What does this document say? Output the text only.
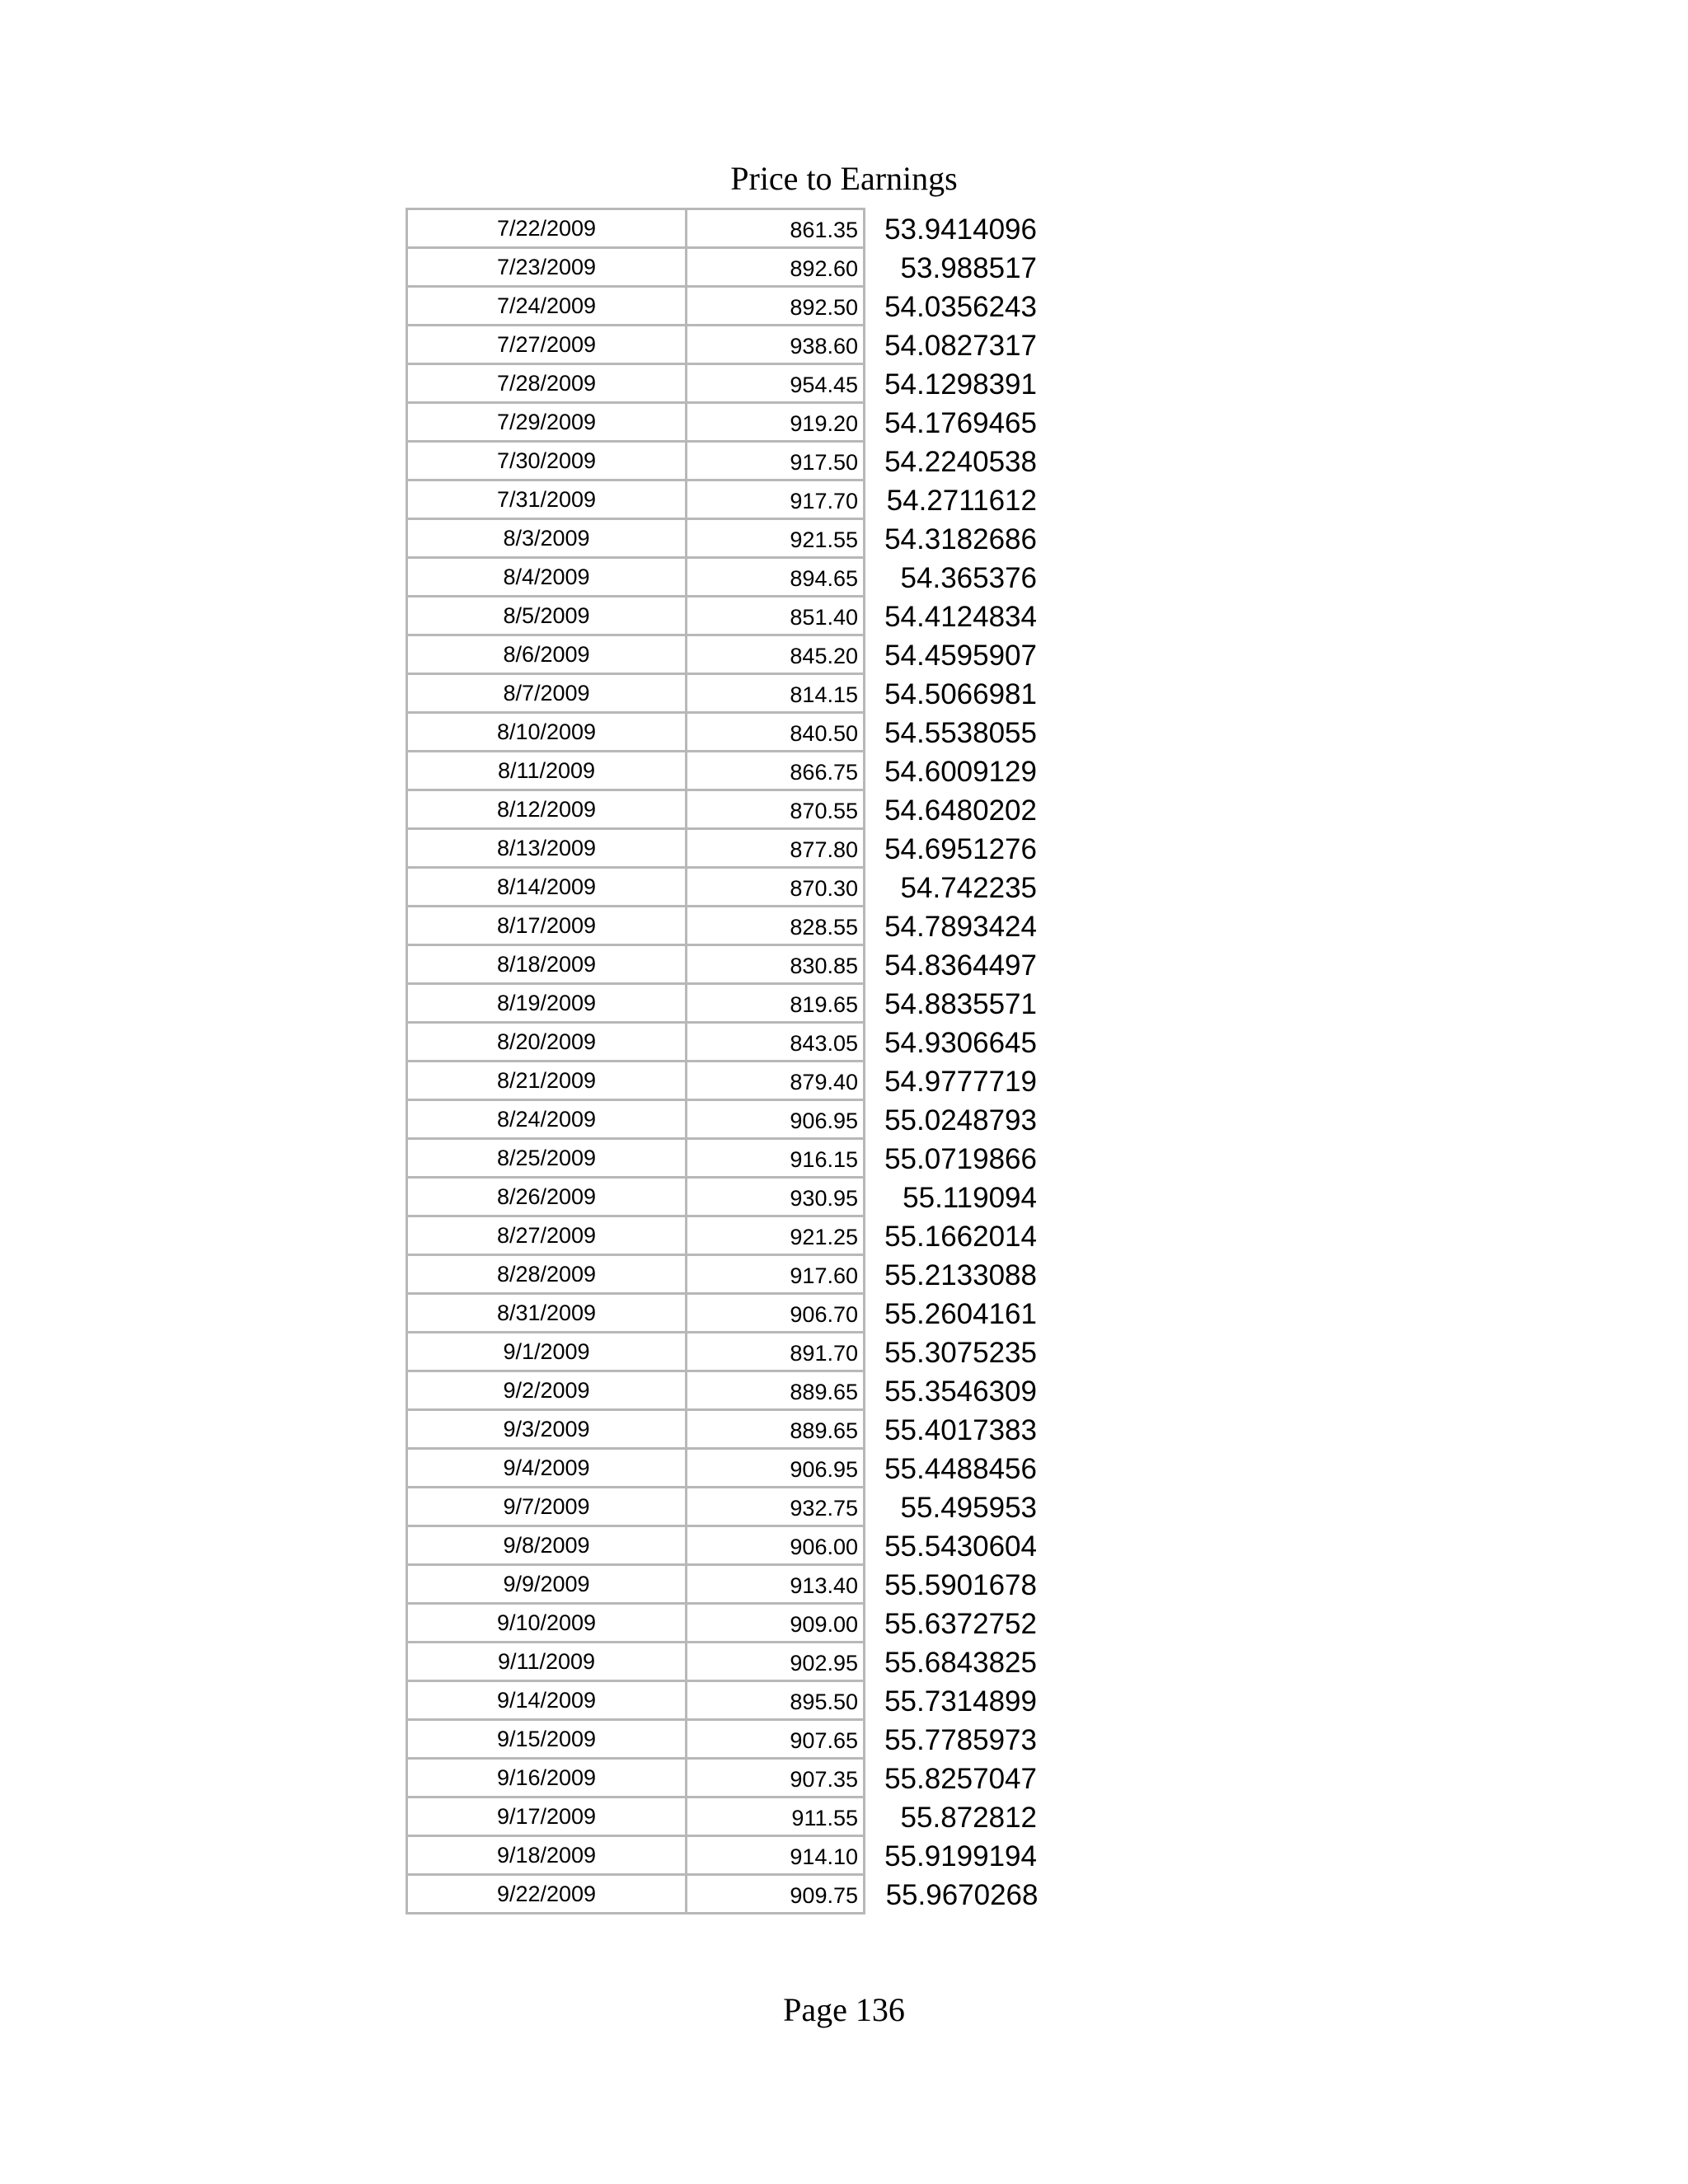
Price to Earnings
7/22/2009	861.35	53.9414096
7/23/2009	892.60	53.988517
7/24/2009	892.50	54.0356243
7/27/2009	938.60	54.0827317
7/28/2009	954.45	54.1298391
7/29/2009	919.20	54.1769465
7/30/2009	917.50	54.2240538
7/31/2009	917.70	54.2711612
8/3/2009	921.55	54.3182686
8/4/2009	894.65	54.365376
8/5/2009	851.40	54.4124834
8/6/2009	845.20	54.4595907
8/7/2009	814.15	54.5066981
8/10/2009	840.50	54.5538055
8/11/2009	866.75	54.6009129
8/12/2009	870.55	54.6480202
8/13/2009	877.80	54.6951276
8/14/2009	870.30	54.742235
8/17/2009	828.55	54.7893424
8/18/2009	830.85	54.8364497
8/19/2009	819.65	54.8835571
8/20/2009	843.05	54.9306645
8/21/2009	879.40	54.9777719
8/24/2009	906.95	55.0248793
8/25/2009	916.15	55.0719866
8/26/2009	930.95	55.119094
8/27/2009	921.25	55.1662014
8/28/2009	917.60	55.2133088
8/31/2009	906.70	55.2604161
9/1/2009	891.70	55.3075235
9/2/2009	889.65	55.3546309
9/3/2009	889.65	55.4017383
9/4/2009	906.95	55.4488456
9/7/2009	932.75	55.495953
9/8/2009	906.00	55.5430604
9/9/2009	913.40	55.5901678
9/10/2009	909.00	55.6372752
9/11/2009	902.95	55.6843825
9/14/2009	895.50	55.7314899
9/15/2009	907.65	55.7785973
9/16/2009	907.35	55.8257047
9/17/2009	911.55	55.872812
9/18/2009	914.10	55.9199194
9/22/2009	909.75	55.9670268
Page 136
